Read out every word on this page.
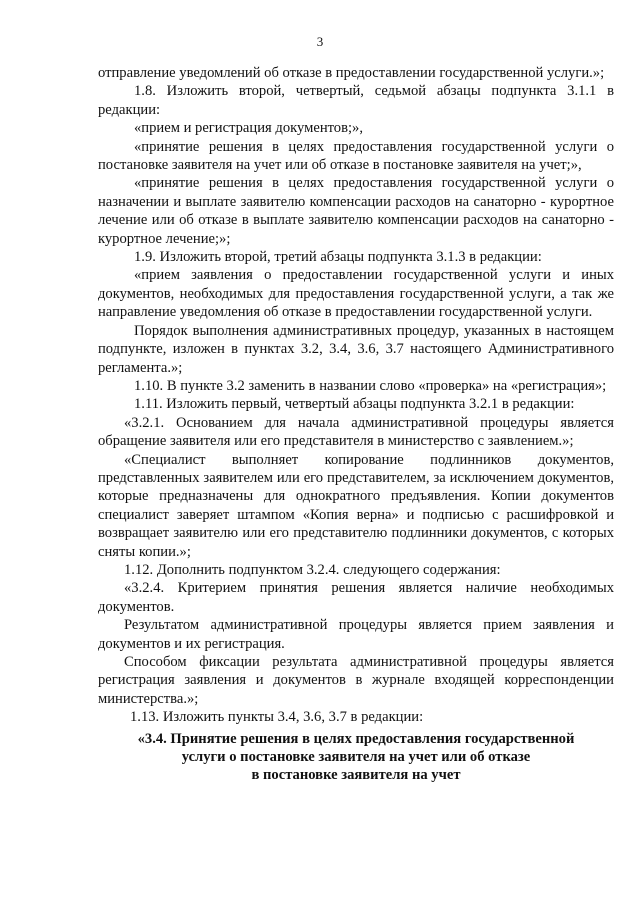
3

отправление уведомлений об отказе в предоставлении государственной услуги.»;

1.8. Изложить второй, четвертый, седьмой абзацы подпункта 3.1.1 в редакции:

«прием и регистрация документов;»,

«принятие решения в целях предоставления государственной услуги о постановке заявителя на учет или об отказе в постановке заявителя на учет;»,

«принятие решения в целях предоставления государственной услуги о назначении и выплате заявителю компенсации расходов на санаторно - курортное лечение или об отказе в выплате заявителю компенсации расходов на санаторно - курортное лечение;»;

1.9. Изложить второй, третий абзацы подпункта 3.1.3 в редакции:

«прием заявления о предоставлении государственной услуги и иных документов, необходимых для предоставления государственной услуги, а так же направление уведомления об отказе в предоставлении государственной услуги.

Порядок выполнения административных процедур, указанных в настоящем подпункте, изложен в пунктах 3.2, 3.4, 3.6, 3.7 настоящего Административного регламента.»;

1.10. В пункте 3.2 заменить в названии слово «проверка» на «регистрация»;

1.11. Изложить первый, четвертый абзацы подпункта 3.2.1 в редакции:

«3.2.1. Основанием для начала административной процедуры является обращение заявителя или его представителя в министерство с заявлением.»;

«Специалист выполняет копирование подлинников документов, представленных заявителем или его представителем, за исключением документов, которые предназначены для однократного предъявления. Копии документов специалист заверяет штампом «Копия верна» и подписью с расшифровкой и возвращает заявителю или его представителю подлинники документов, с которых сняты копии.»;

1.12. Дополнить подпунктом 3.2.4. следующего содержания:

«3.2.4. Критерием принятия решения является наличие необходимых документов.

Результатом административной процедуры является прием заявления и документов и их регистрация.

Способом фиксации результата административной процедуры является регистрация заявления и документов в журнале входящей корреспонденции министерства.»;

1.13. Изложить пункты 3.4, 3.6, 3.7 в редакции:

«3.4. Принятие решения в целях предоставления государственной
услуги о постановке заявителя на учет или об отказе
в постановке заявителя на учет
